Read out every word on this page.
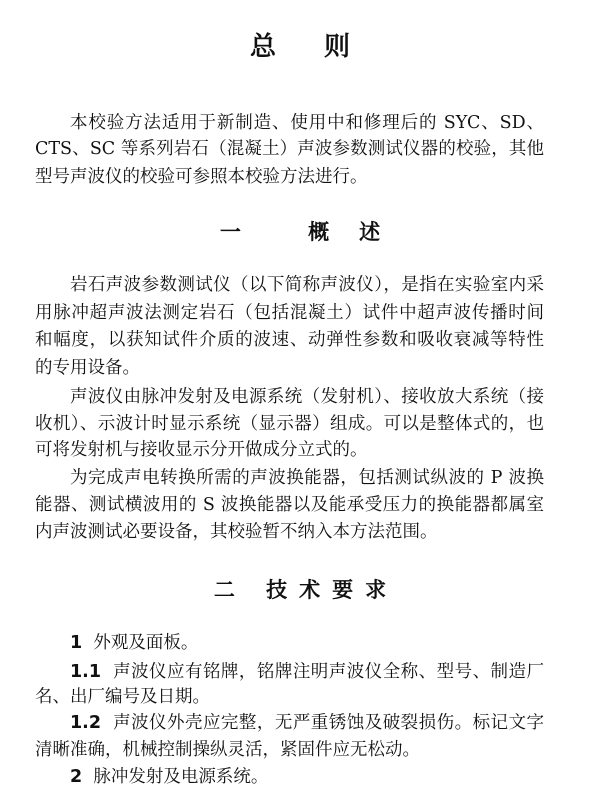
总则
本校验方法适用于新制造、使用中和修理后的 SYC、SD、
CTS、SC 等系列岩石（混凝土）声波参数测试仪器的校验，其他
型号声波仪的校验可参照本校验方法进行。
一 概述
岩石声波参数测试仪（以下简称声波仪），是指在实验室内采
用脉冲超声波法测定岩石（包括混凝土）试件中超声波传播时间
和幅度，以获知试件介质的波速、动弹性参数和吸收衰减等特性
的专用设备。
声波仪由脉冲发射及电源系统（发射机）、接收放大系统（接
收机）、示波计时显示系统（显示器）组成。可以是整体式的，也
可将发射机与接收显示分开做成分立式的。
为完成声电转换所需的声波换能器，包括测试纵波的 P 波换
能器、测试横波用的 S 波换能器以及能承受压力的换能器都属室
内声波测试必要设备，其校验暂不纳入本方法范围。
二 技术要求
1 外观及面板。
1.1 声波仪应有铭牌，铭牌注明声波仪全称、型号、制造厂
名、出厂编号及日期。
1.2 声波仪外壳应完整，无严重锈蚀及破裂损伤。标记文字
清晰准确，机械控制操纵灵活，紧固件应无松动。
2 脉冲发射及电源系统。
